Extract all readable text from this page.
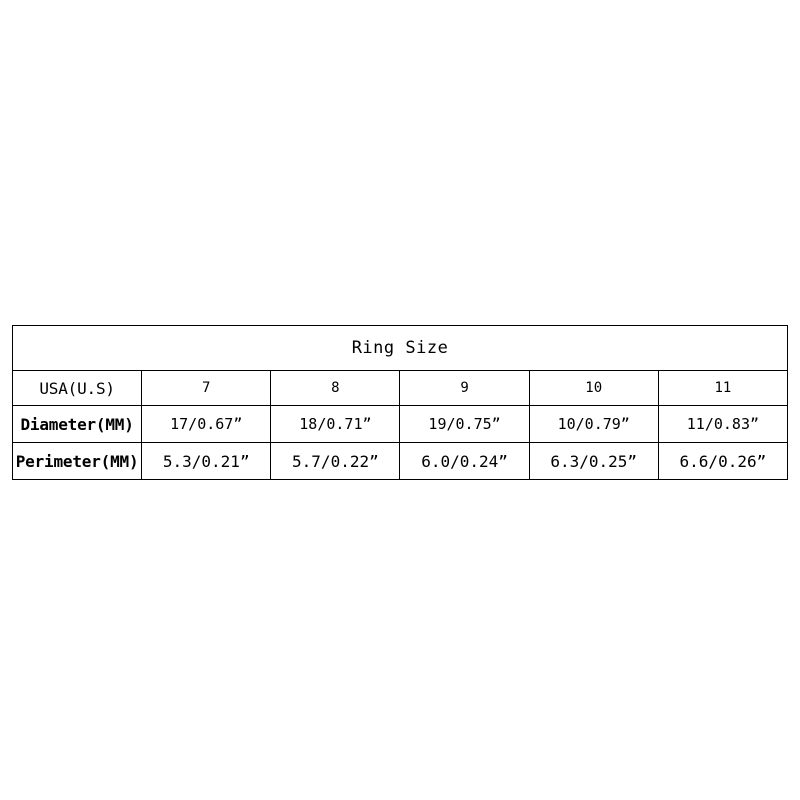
Ring Size					
USA(U.S)	7	8	9	10	11
Diameter(MM)	17/0.67”	18/0.71”	19/0.75”	10/0.79”	11/0.83”
Perimeter(MM)	5.3/0.21”	5.7/0.22”	6.0/0.24”	6.3/0.25”	6.6/0.26”
